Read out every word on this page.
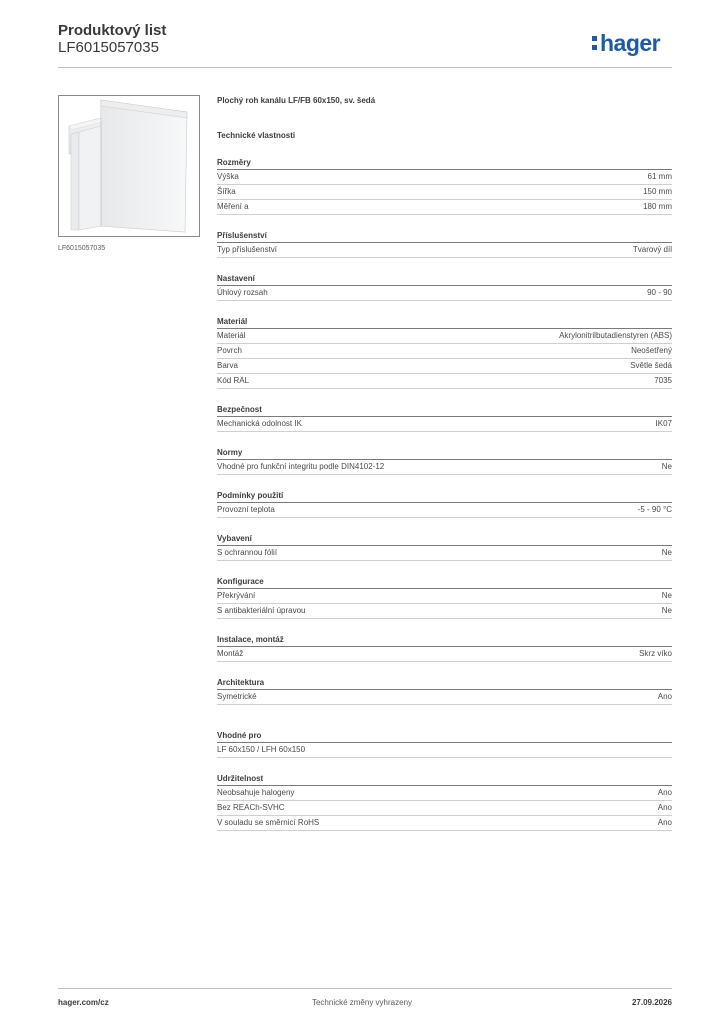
Produktový list
LF6015057035	hager
LF6015057035
Plochý roh kanálu LF/FB 60x150, sv. šedá
Technické vlastnosti
Rozměry
Výška	61 mm
Šířka	150 mm
Měření a	180 mm
Příslušenství
Typ příslušenství	Tvarový díl
Nastavení
Úhlový rozsah	90 - 90
Materiál
Materiál	Akrylonitrilbutadienstyren (ABS)
Povrch	Neošetřený
Barva	Světle šedá
Kód RAL	7035
Bezpečnost
Mechanická odolnost IK	IK07
Normy
Vhodné pro funkční integritu podle DIN4102-12	Ne
Podmínky použití
Provozní teplota	-5 - 90 °C
Vybavení
S ochrannou fólií	Ne
Konfigurace
Překrývání	Ne
S antibakteriální úpravou	Ne
Instalace, montáž
Montáž	Skrz víko
Architektura
Symetrické	Ano
Vhodné pro
LF 60x150 / LFH 60x150
Udržitelnost
Neobsahuje halogeny	Ano
Bez REACh-SVHC	Ano
V souladu se směrnicí RoHS	Ano
hager.com/cz	Technické změny vyhrazeny	27.09.2026
